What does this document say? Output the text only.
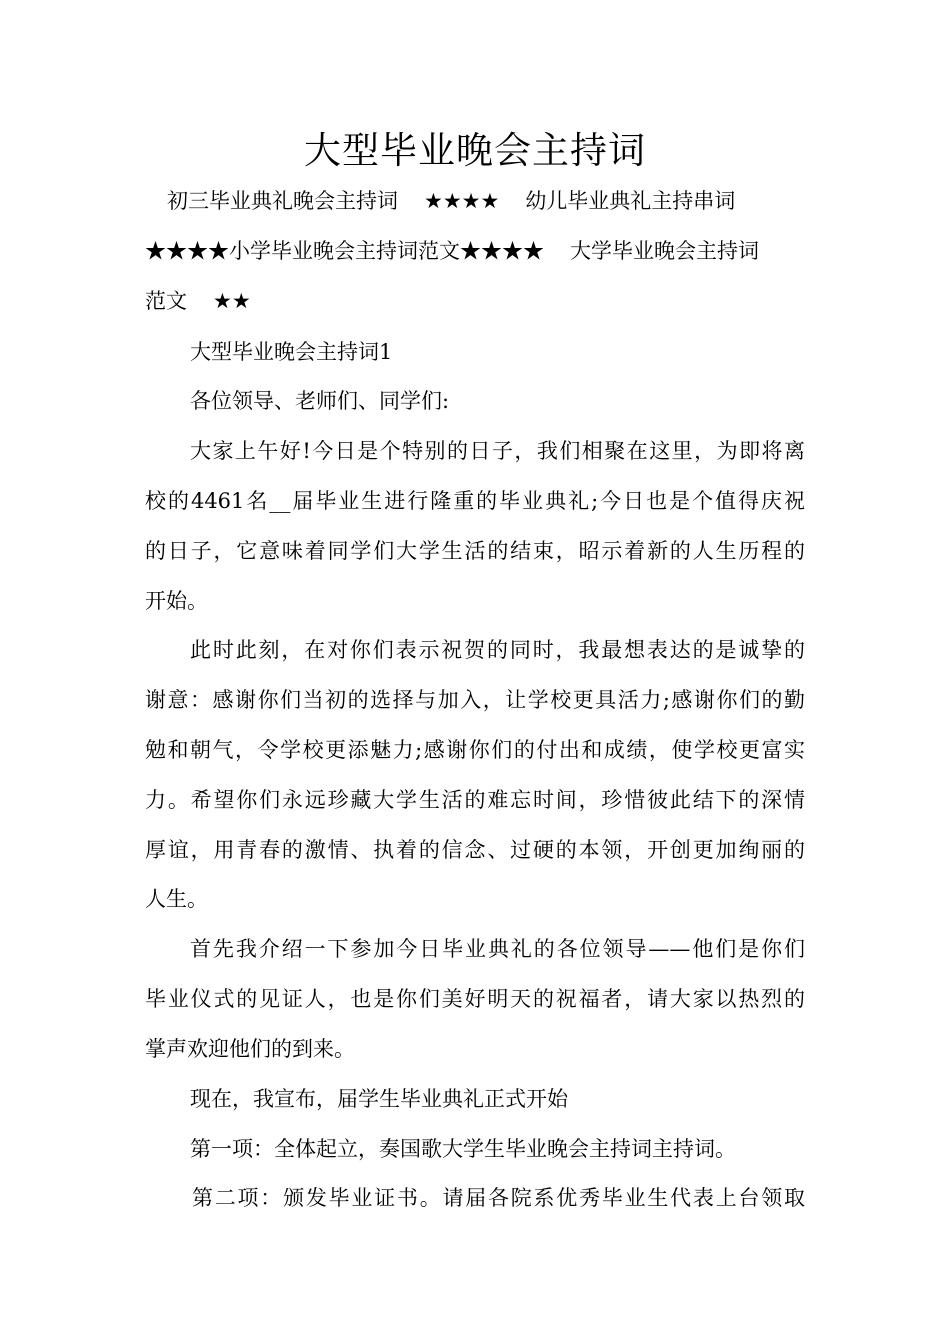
大型毕业晚会主持词
初三毕业典礼晚会主持词 ★★★★ 幼儿毕业典礼主持串词
★★★★小学毕业晚会主持词范文★★★★ 大学毕业晚会主持词
范文 ★★
大型毕业晚会主持词1
各位领导、老师们、同学们:
大家上午好!今日是个特别的日子，我们相聚在这里，为即将离
校的4461名__届毕业生进行隆重的毕业典礼;今日也是个值得庆祝
的日子，它意味着同学们大学生活的结束，昭示着新的人生历程的
开始。
此时此刻，在对你们表示祝贺的同时，我最想表达的是诚挚的
谢意：感谢你们当初的选择与加入，让学校更具活力;感谢你们的勤
勉和朝气，令学校更添魅力;感谢你们的付出和成绩，使学校更富实
力。希望你们永远珍藏大学生活的难忘时间，珍惜彼此结下的深情
厚谊，用青春的激情、执着的信念、过硬的本领，开创更加绚丽的
人生。
首先我介绍一下参加今日毕业典礼的各位领导——他们是你们
毕业仪式的见证人，也是你们美好明天的祝福者，请大家以热烈的
掌声欢迎他们的到来。
现在，我宣布，届学生毕业典礼正式开始
第一项：全体起立，奏国歌大学生毕业晚会主持词主持词。
第二项：颁发毕业证书。请届各院系优秀毕业生代表上台领取
